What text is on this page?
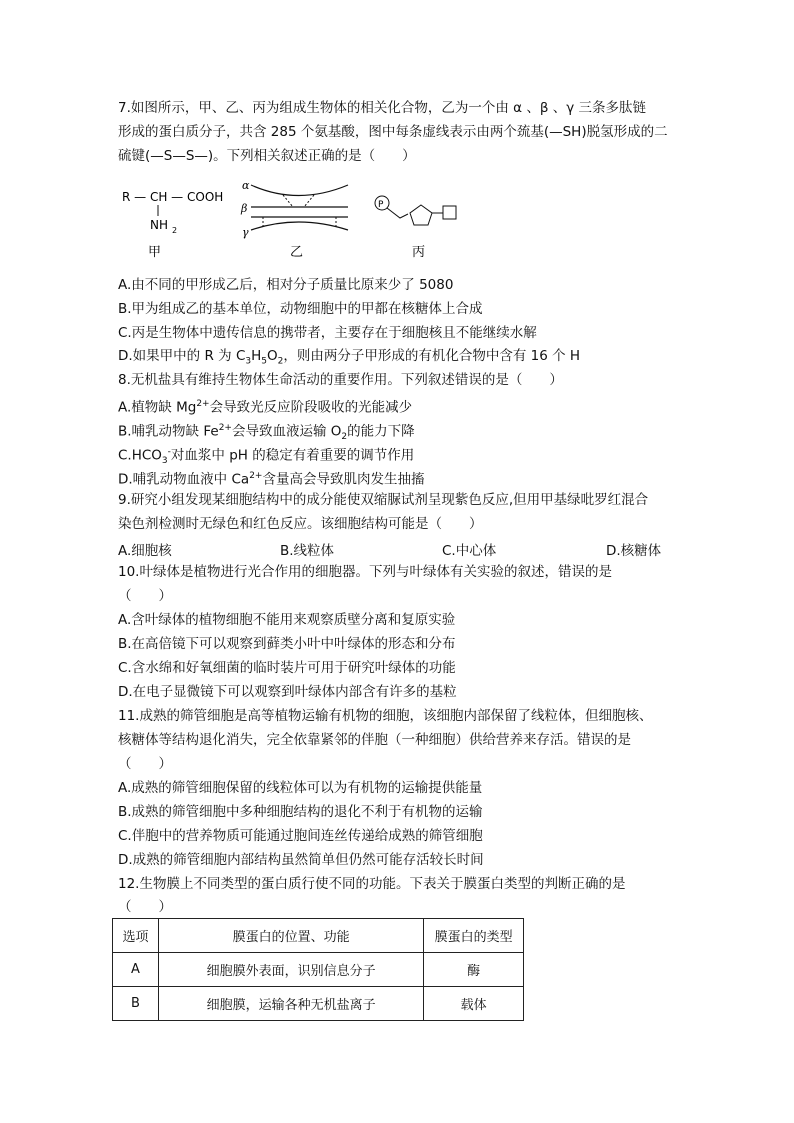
7.如图所示，甲、乙、丙为组成生物体的相关化合物，乙为一个由 α 、β 、γ 三条多肽链
形成的蛋白质分子，共含 285 个氨基酸，图中每条虚线表示由两个巯基(—SH)脱氢形成的二
硫键(—S—S—)。下列相关叙述正确的是（　　）
R — CH — COOH
NH 2
甲
α
β
γ
乙
P
丙
A.由不同的甲形成乙后，相对分子质量比原来少了 5080
B.甲为组成乙的基本单位，动物细胞中的甲都在核糖体上合成
C.丙是生物体中遗传信息的携带者，主要存在于细胞核且不能继续水解
D.如果甲中的 R 为 $C_3H_5O_2$，则由两分子甲形成的有机化合物中含有 16 个 H
8.无机盐具有维持生物体生命活动的重要作用。下列叙述错误的是（　　）
A.植物缺 $Mg^{2+}$会导致光反应阶段吸收的光能减少
B.哺乳动物缺 $Fe^{2+}$会导致血液运输 $O_2$的能力下降
$C.HCO_3^-$对血浆中 pH 的稳定有着重要的调节作用
D.哺乳动物血液中 $Ca^{2+}$含量高会导致肌肉发生抽搐
9.研究小组发现某细胞结构中的成分能使双缩脲试剂呈现紫色反应,但用甲基绿吡罗红混合
染色剂检测时无绿色和红色反应。该细胞结构可能是（　　）
A.细胞核	B.线粒体	C.中心体	D.核糖体
10.叶绿体是植物进行光合作用的细胞器。下列与叶绿体有关实验的叙述，错误的是
（　　）
A.含叶绿体的植物细胞不能用来观察质壁分离和复原实验
B.在高倍镜下可以观察到藓类小叶中叶绿体的形态和分布
C.含水绵和好氧细菌的临时装片可用于研究叶绿体的功能
D.在电子显微镜下可以观察到叶绿体内部含有许多的基粒
11.成熟的筛管细胞是高等植物运输有机物的细胞，该细胞内部保留了线粒体，但细胞核、
核糖体等结构退化消失，完全依靠紧邻的伴胞（一种细胞）供给营养来存活。错误的是
（　　）
A.成熟的筛管细胞保留的线粒体可以为有机物的运输提供能量
B.成熟的筛管细胞中多种细胞结构的退化不利于有机物的运输
C.伴胞中的营养物质可能通过胞间连丝传递给成熟的筛管细胞
D.成熟的筛管细胞内部结构虽然简单但仍然可能存活较长时间
12.生物膜上不同类型的蛋白质行使不同的功能。下表关于膜蛋白类型的判断正确的是
（　　）
选项	膜蛋白的位置、功能	膜蛋白的类型
A	细胞膜外表面，识别信息分子	酶
B	细胞膜，运输各种无机盐离子	载体
